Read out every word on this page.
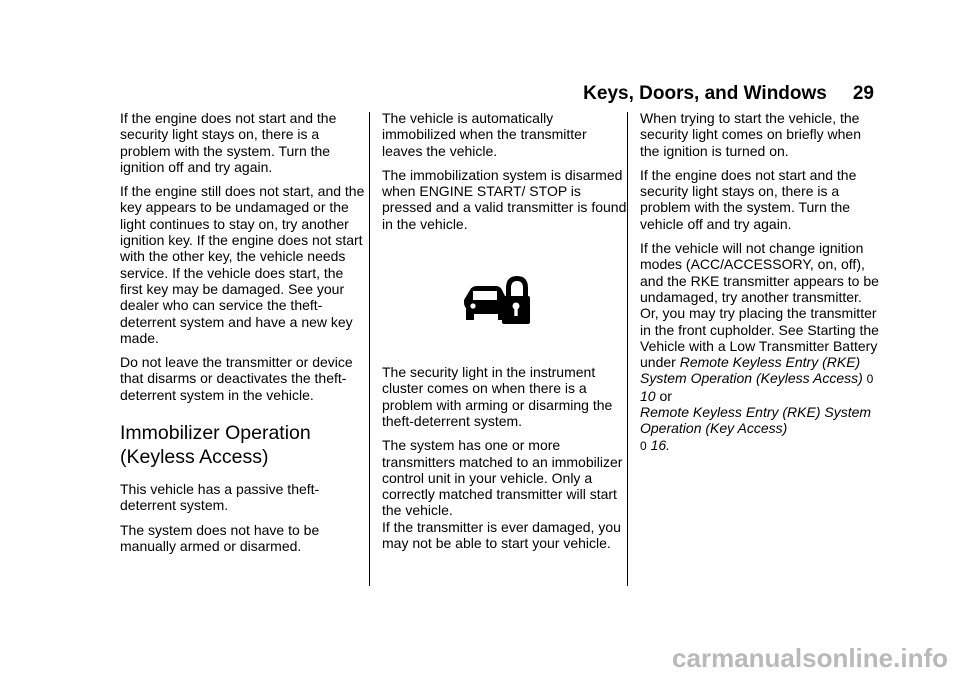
Keys, Doors, and Windows 29

If the engine does not start and the security light stays on, there is a problem with the system. Turn the ignition off and try again.

If the engine still does not start, and the key appears to be undamaged or the light continues to stay on, try another ignition key. If the engine does not start with the other key, the vehicle needs service. If the vehicle does start, the first key may be damaged. See your dealer who can service the theft-deterrent system and have a new key made.

Do not leave the transmitter or device that disarms or deactivates the theft-deterrent system in the vehicle.

Immobilizer Operation (Keyless Access)

This vehicle has a passive theft-deterrent system.

The system does not have to be manually armed or disarmed.

The vehicle is automatically immobilized when the transmitter leaves the vehicle.

The immobilization system is disarmed when ENGINE START/ STOP is pressed and a valid transmitter is found in the vehicle.

The security light in the instrument cluster comes on when there is a problem with arming or disarming the theft-deterrent system.

The system has one or more transmitters matched to an immobilizer control unit in your vehicle. Only a correctly matched transmitter will start the vehicle.

If the transmitter is ever damaged, you may not be able to start your vehicle.

When trying to start the vehicle, the security light comes on briefly when the ignition is turned on.

If the engine does not start and the security light stays on, there is a problem with the system. Turn the vehicle off and try again.

If the vehicle will not change ignition modes (ACC/ACCESSORY, on, off), and the RKE transmitter appears to be undamaged, try another transmitter. Or, you may try placing the transmitter in the front cupholder. See Starting the Vehicle with a Low Transmitter Battery under Remote Keyless Entry (RKE) System Operation (Keyless Access) 0 10 or
Remote Keyless Entry (RKE) System Operation (Key Access)
0 16.

carmanualsonline.info
